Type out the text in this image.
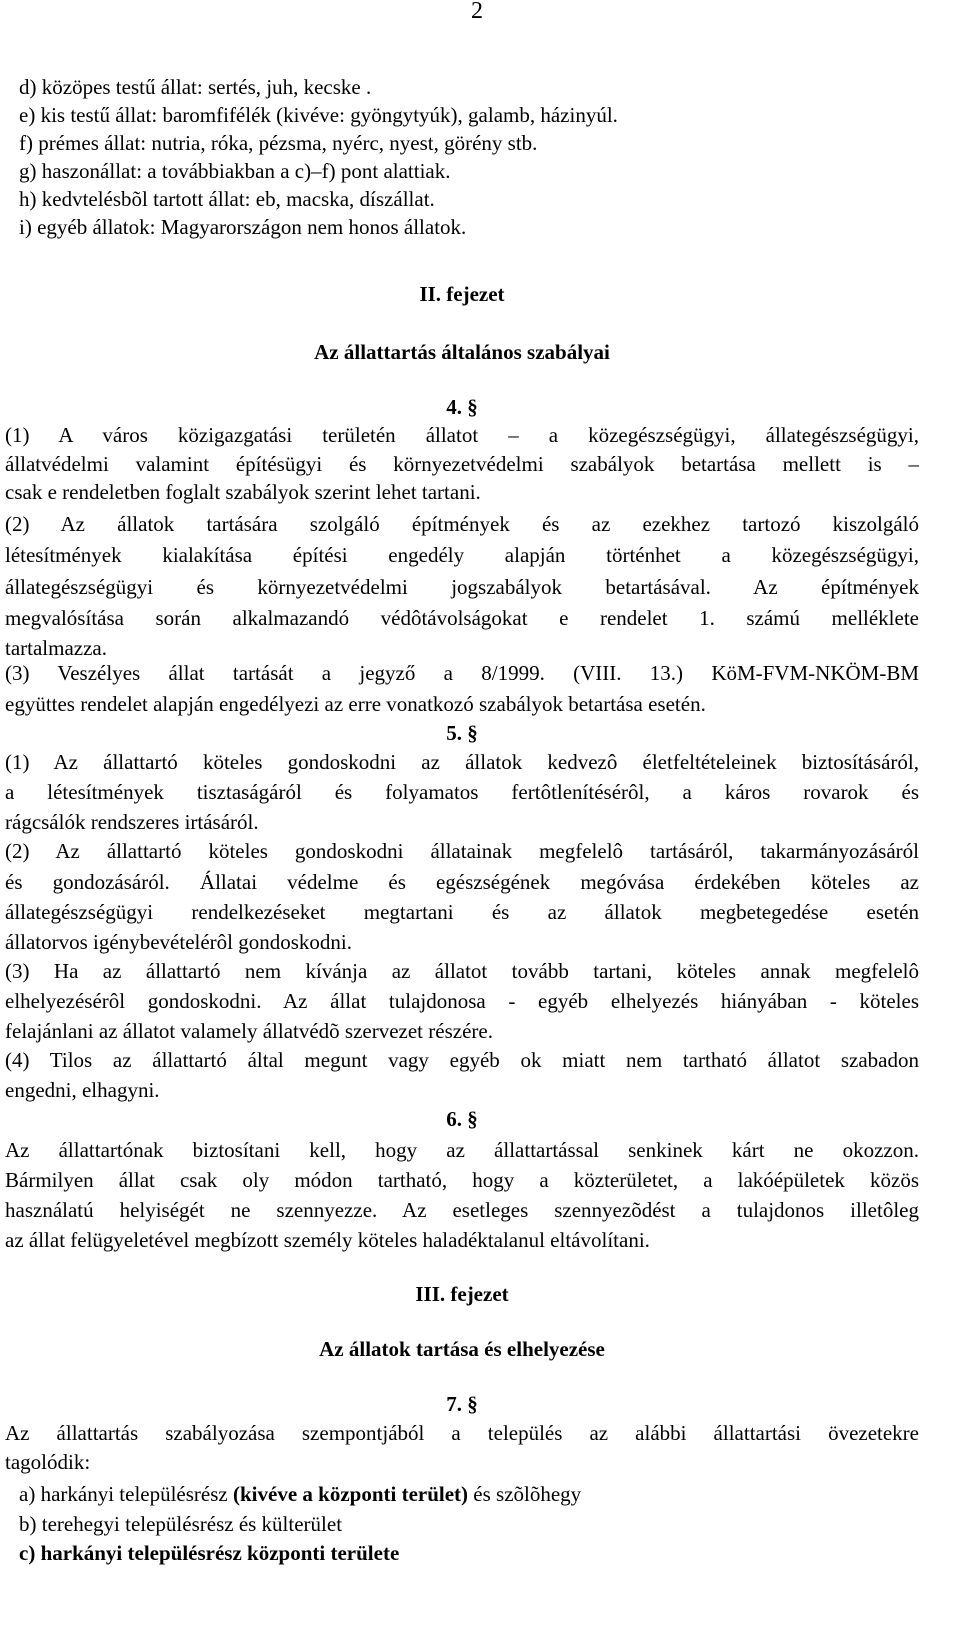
2
d) közöpes testű állat: sertés, juh, kecske .
e) kis testű állat: baromfifélék (kivéve: gyöngytyúk), galamb, házinyúl.
f) prémes állat: nutria, róka, pézsma, nyérc, nyest, görény stb.
g) haszonállat: a továbbiakban a c)–f) pont alattiak.
h) kedvtelésbõl tartott állat: eb, macska, díszállat.
i) egyéb állatok: Magyarországon nem honos állatok.
II. fejezet
Az állattartás általános szabályai
4. §
(1) A város közigazgatási területén állatot – a közegészségügyi, állategészségügyi,
állatvédelmi valamint építésügyi és környezetvédelmi szabályok betartása mellett is –
csak e rendeletben foglalt szabályok szerint lehet tartani.
(2) Az állatok tartására szolgáló építmények és az ezekhez tartozó kiszolgáló
létesítmények kialakítása építési engedély alapján történhet a közegészségügyi,
állategészségügyi és környezetvédelmi jogszabályok betartásával. Az építmények
megvalósítása során alkalmazandó védôtávolságokat e rendelet 1. számú melléklete
tartalmazza.
(3) Veszélyes állat tartását a jegyző a 8/1999. (VIII. 13.) KöM-FVM-NKÖM-BM
együttes rendelet alapján engedélyezi az erre vonatkozó szabályok betartása esetén.
5. §
(1) Az állattartó köteles gondoskodni az állatok kedvezô életfeltételeinek biztosításáról,
a létesítmények tisztaságáról és folyamatos fertôtlenítésérôl, a káros rovarok és
rágcsálók rendszeres irtásáról.
(2) Az állattartó köteles gondoskodni állatainak megfelelô tartásáról, takarmányozásáról
és gondozásáról. Állatai védelme és egészségének megóvása érdekében köteles az
állategészségügyi rendelkezéseket megtartani és az állatok megbetegedése esetén
állatorvos igénybevételérôl gondoskodni.
(3) Ha az állattartó nem kívánja az állatot tovább tartani, köteles annak megfelelô
elhelyezésérôl gondoskodni. Az állat tulajdonosa - egyéb elhelyezés hiányában - köteles
felajánlani az állatot valamely állatvédõ szervezet részére.
(4) Tilos az állattartó által megunt vagy egyéb ok miatt nem tartható állatot szabadon
engedni, elhagyni.
6. §
Az állattartónak biztosítani kell, hogy az állattartással senkinek kárt ne okozzon.
Bármilyen állat csak oly módon tartható, hogy a közterületet, a lakóépületek közös
használatú helyiségét ne szennyezze. Az esetleges szennyezõdést a tulajdonos illetôleg
az állat felügyeletével megbízott személy köteles haladéktalanul eltávolítani.
III. fejezet
Az állatok tartása és elhelyezése
7. §
Az állattartás szabályozása szempontjából a település az alábbi állattartási övezetekre
tagolódik:
a) harkányi településrész (kivéve a központi terület) és szõlõhegy
b) terehegyi településrész és külterület
c) harkányi településrész központi területe
